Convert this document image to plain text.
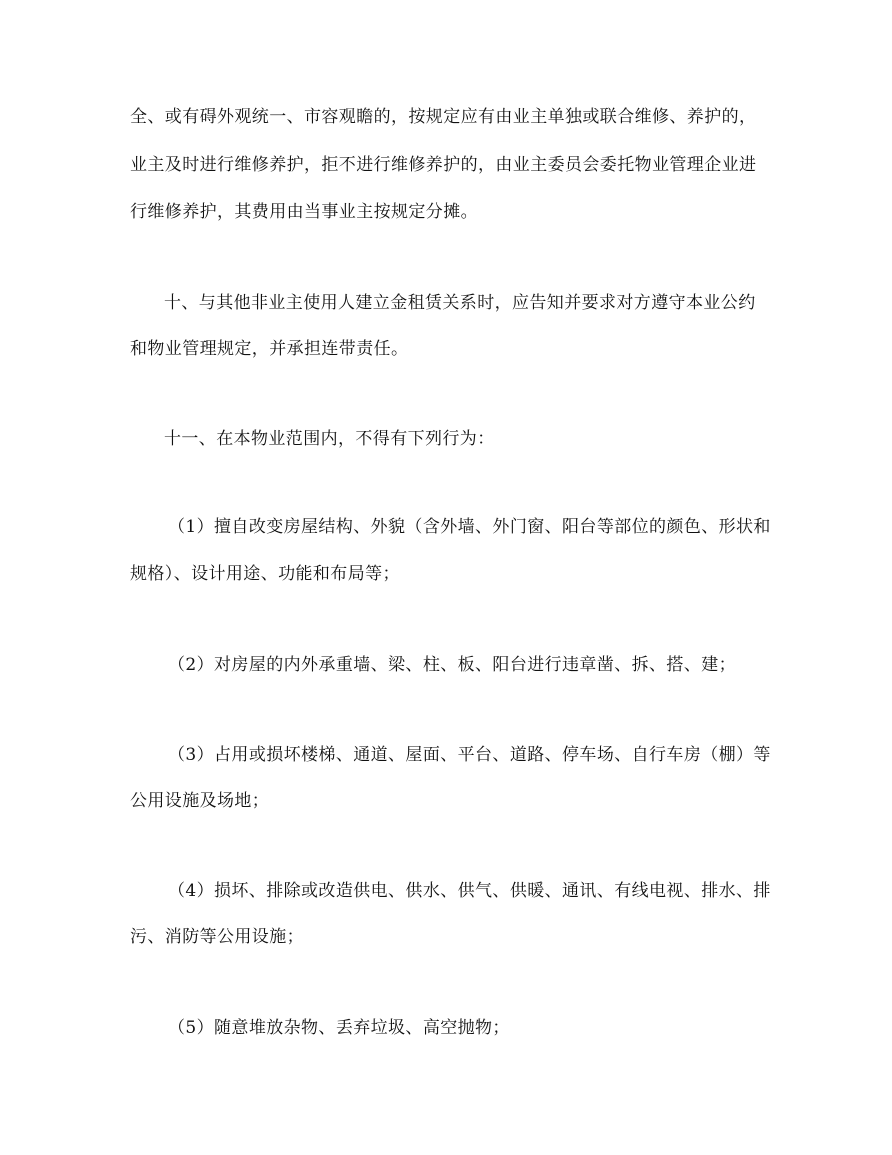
全、或有碍外观统一、市容观瞻的，按规定应有由业主单独或联合维修、养护的，
业主及时进行维修养护，拒不进行维修养护的，由业主委员会委托物业管理企业进
行维修养护，其费用由当事业主按规定分摊。
十、与其他非业主使用人建立金租赁关系时，应告知并要求对方遵守本业公约
和物业管理规定，并承担连带责任。
十一、在本物业范围内，不得有下列行为：
（1）擅自改变房屋结构、外貌（含外墙、外门窗、阳台等部位的颜色、形状和
规格）、设计用途、功能和布局等；
（2）对房屋的内外承重墙、梁、柱、板、阳台进行违章凿、拆、搭、建；
（3）占用或损坏楼梯、通道、屋面、平台、道路、停车场、自行车房（棚）等
公用设施及场地；
（4）损坏、排除或改造供电、供水、供气、供暖、通讯、有线电视、排水、排
污、消防等公用设施；
（5）随意堆放杂物、丢弃垃圾、高空抛物；
